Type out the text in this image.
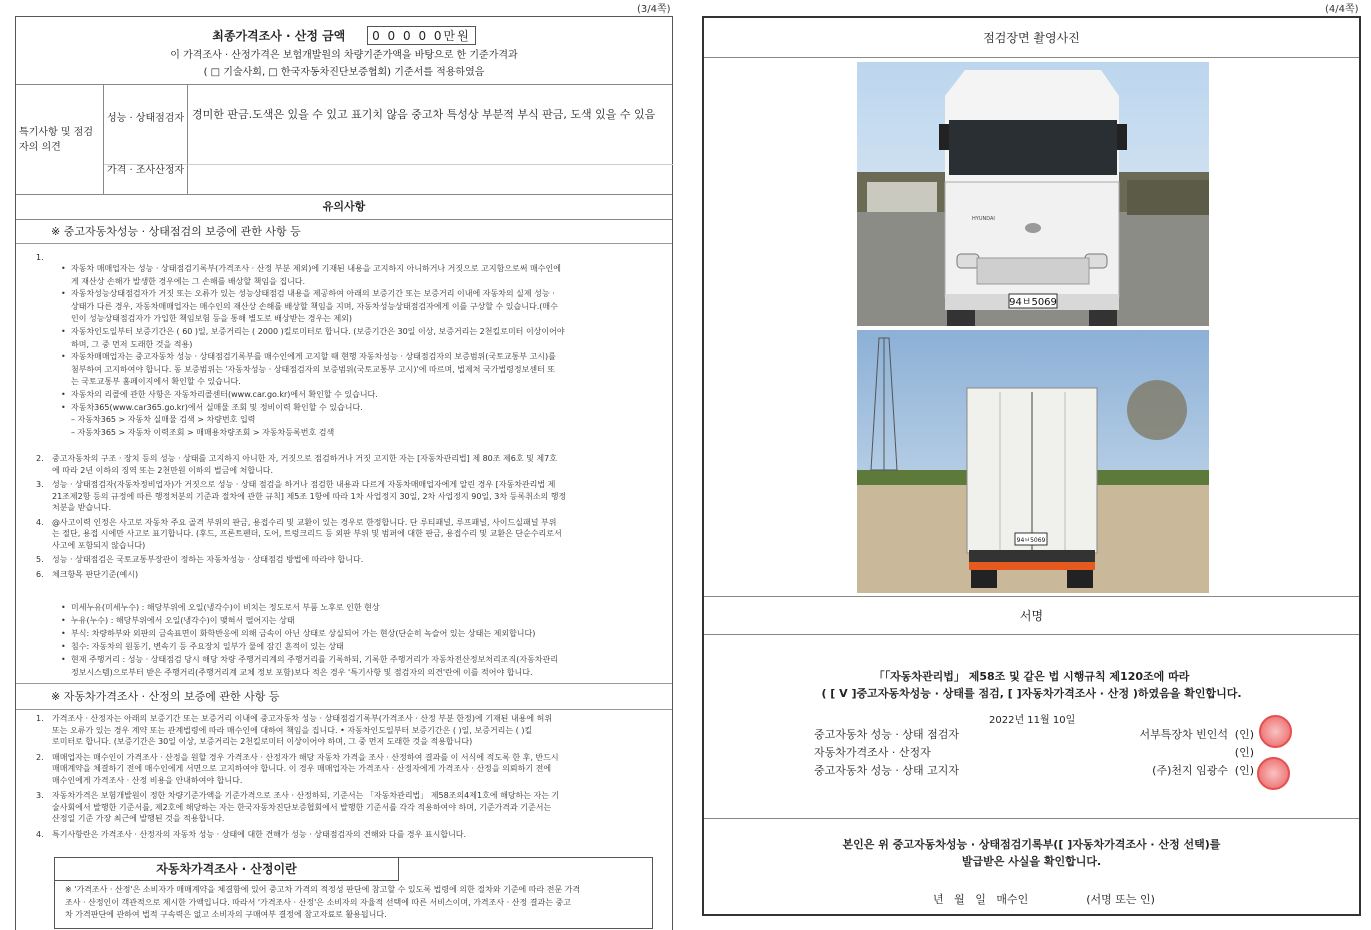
(3/4쪽)	(4/4쪽)
최종가격조사 · 산정 금액 0 0 0 0 0만원
이 가격조사 · 산정가격은 보험개발원의 차량기준가액을 바탕으로 한 기준가격과
( □ 기술사회, □ 한국자동차진단보증협회) 기준서를 적용하였음
특기사항 및 점검자의 의견
성능 · 상태점검자 경미한 판금.도색은 있을 수 있고 표기치 않음 중고차 특성상 부분적 부식 판금, 도색 있을 수 있음
가격 · 조사산정자
유의사항
※ 중고자동차성능 · 상태점검의 보증에 관한 사항 등
1.
• 자동차 매매업자는 성능 · 상태점검기록부(가격조사 · 산정 부분 제외)에 기재된 내용을 고지하지 아니하거나 거짓으로 고지함으로써 매수인에
게 재산상 손해가 발생한 경우에는 그 손해를 배상할 책임을 집니다.
• 자동차성능상태점검자가 거짓 또는 오류가 있는 성능상태점검 내용을 제공하여 아래의 보증기간 또는 보증거리 이내에 자동차의 실제 성능 ·
상태가 다른 경우, 자동차매매업자는 매수인의 재산상 손해를 배상할 책임을 지며, 자동차성능상태점검자에게 이를 구상할 수 있습니다.(매수
인이 성능상태점검자가 가입한 책임보험 등을 통해 별도로 배상받는 경우는 제외)
• 자동차인도일부터 보증기간은 ( 60 )일, 보증거리는 ( 2000 )킬로미터로 합니다. (보증기간은 30일 이상, 보증거리는 2천킬로미터 이상이어야
하며, 그 중 먼저 도래한 것을 적용)
• 자동차매매업자는 중고자동차 성능 · 상태점검기록부를 매수인에게 고지할 때 현행 자동차성능 · 상태점검자의 보증범위(국토교통부 고시)를
첨부하여 고지하여야 합니다. 동 보증범위는 '자동차성능 · 상태점검자의 보증범위(국토교통부 고시)'에 따르며, 법제처 국가법령정보센터 또
는 국토교통부 홈페이지에서 확인할 수 있습니다.
• 자동차의 리콜에 관한 사항은 자동차리콜센터(www.car.go.kr)에서 확인할 수 있습니다.
• 자동차365(www.car365.go.kr)에서 실매물 조회 및 정비이력 확인할 수 있습니다.
– 자동차365 > 자동차 실매물 검색 > 차량번호 입력
– 자동차365 > 자동차 이력조회 > 매매용차량조회 > 자동차등록번호 검색
2. 중고자동차의 구조 · 장치 등의 성능 · 상태를 고지하지 아니한 자, 거짓으로 점검하거나 거짓 고지한 자는 [자동차관리법] 제 80조 제6호 및 제7호
에 따라 2년 이하의 징역 또는 2천만원 이하의 벌금에 처합니다.
3. 성능 · 상태점검자(자동차정비업자)가 거짓으로 성능 · 상태 점검을 하거나 점검한 내용과 다르게 자동차매매업자에게 알린 경우 [자동차관리법 제
21조제2항 등의 규정에 따른 행정처분의 기준과 절차에 관한 규칙] 제5조 1항에 따라 1차 사업정지 30일, 2차 사업정지 90일, 3차 등록취소의 행정
처분을 받습니다.
4. @사고이력 인정은 사고로 자동차 주요 골격 부위의 판금, 용접수리 및 교환이 있는 경우로 한정합니다. 단 루티패널, 루프패널, 사이드실패널 부위
는 절단, 용접 시에만 사고로 표기합니다. (후드, 프론트펜더, 도어, 트렁크리드 등 외판 부위 및 범퍼에 대한 판금, 용접수리 및 교환은 단순수리로서
사고에 포함되지 않습니다)
5. 성능 · 상태점검은 국토교통부장관이 정하는 자동차성능 · 상태점검 방법에 따라야 합니다.
6. 체크항목 판단기준(예시)
• 미세누유(미세누수) : 해당부위에 오일(냉각수)이 비치는 정도로서 부품 노후로 인한 현상
• 누유(누수) : 해당부위에서 오일(냉각수)이 맺혀서 떨어지는 상태
• 부식: 차량하부와 외판의 금속표면이 화학반응에 의해 금속이 아닌 상태로 상실되어 가는 현상(단순히 녹슬어 있는 상태는 제외합니다)
• 침수: 자동차의 원동기, 변속기 등 주요장치 일부가 물에 잠긴 흔적이 있는 상태
• 현재 주행거리 : 성능 · 상태점검 당시 해당 차량 주행거리계의 주행거리를 기록하되, 기록한 주행거리가 자동차전산정보처리조직(자동차관리
정보시스템)으로부터 받은 주행거리(주행거리계 교체 정보 포함)보다 적은 경우 '특기사항 및 점검자의 의견'란에 이를 적어야 합니다.
※ 자동차가격조사 · 산정의 보증에 관한 사항 등
1. 가격조사 · 산정자는 아래의 보증기간 또는 보증거리 이내에 중고자동차 성능 · 상태점검기록부(가격조사 · 산정 부분 한정)에 기재된 내용에 허위
또는 오류가 있는 경우 계약 또는 관계법령에 따라 매수인에 대하여 책임을 집니다. • 자동차인도일부터 보증기간은 ( )일, 보증거리는 ( )킬
로미터로 합니다. (보증기간은 30일 이상, 보증거리는 2천킬로미터 이상이어야 하며, 그 중 먼저 도래한 것을 적용합니다)
2. 매매업자는 매수인이 가격조사 · 산정을 원할 경우 가격조사 · 산정자가 해당 자동차 가격을 조사 · 산정하여 결과를 이 서식에 적도록 한 후, 반드시
매매계약을 체결하기 전에 매수인에게 서면으로 고지하여야 합니다. 이 경우 매매업자는 가격조사 · 산정자에게 가격조사 · 산정을 의뢰하기 전에
매수인에게 가격조사 · 산정 비용을 안내하여야 합니다.
3. 자동차가격은 보험개발원이 정한 차량기준가액을 기준가격으로 조사 · 산정하되, 기준서는 「자동차관리법」 제58조의4제1호에 해당하는 자는 기
술사회에서 발행한 기준서를, 제2호에 해당하는 자는 한국자동차진단보증협회에서 발행한 기준서를 각각 적용하여야 하며, 기준가격과 기준서는
산정일 기준 가장 최근에 발행된 것을 적용합니다.
4. 특기사항란은 가격조사 · 산정자의 자동차 성능 · 상태에 대한 견해가 성능 · 상태점검자의 견해와 다를 경우 표시합니다.
자동차가격조사 · 산정이란
※ '가격조사 · 산정'은 소비자가 매매계약을 체결함에 있어 중고차 가격의 적정성 판단에 참고할 수 있도록 법령에 의한 절차와 기준에 따라 전문 가격
조사 · 산정인이 객관적으로 제시한 가액입니다. 따라서 '가격조사 · 산정'은 소비자의 자율적 선택에 따른 서비스이며, 가격조사 · 산정 결과는 중고
차 가격판단에 관하여 법적 구속력은 없고 소비자의 구매여부 결정에 참고자료로 활용됩니다.
점검장면 촬영사진
94ㅂ5069
HYUNDAI
94ㅂ5069
서명
「「자동차관리법」 제58조 및 같은 법 시행규칙 제120조에 따라
( [ V ]중고자동차성능 · 상태를 점검, [ ]자동차가격조사 · 산정 )하였음을 확인합니다.
2022년 11월 10일
중고자동차 성능 · 상태 점검자	서부특장차 빈인석 (인)
자동차가격조사 · 산정자	(인)
중고자동차 성능 · 상태 고지자	(주)천지 임광수 (인)
본인은 위 중고자동차성능 · 상태점검기록부([ ]자동차가격조사 · 산정 선택)를
발급받은 사실을 확인합니다.

년   월   일   매수인	(서명 또는 인)
